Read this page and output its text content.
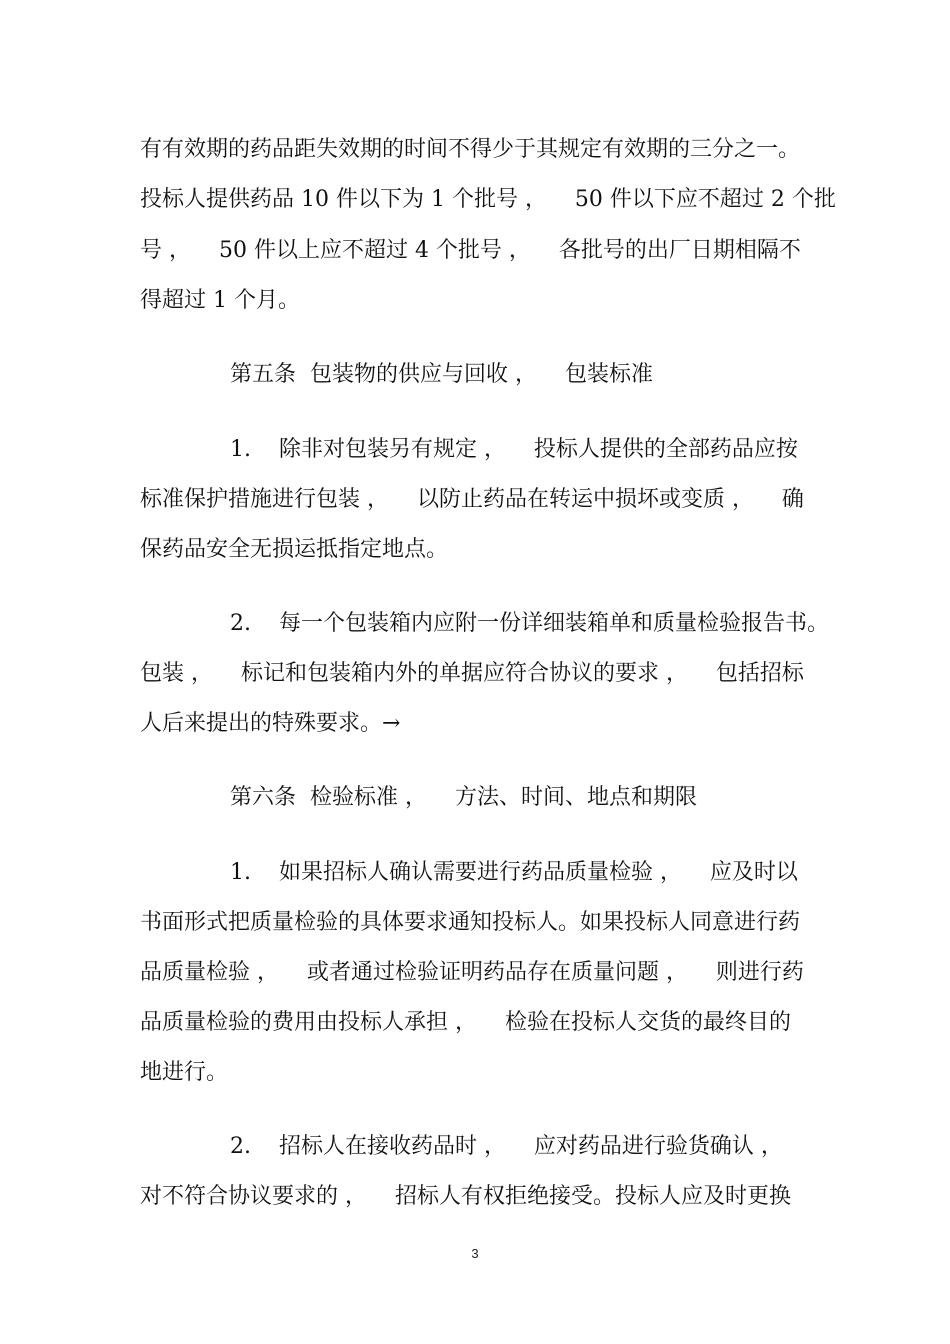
有有效期的药品距失效期的时间不得少于其规定有效期的三分之一。
投标人提供药品 10 件以下为 1 个批号 ，    50 件以下应不超过 2 个批
号 ，    50 件以上应不超过 4 个批号 ，    各批号的出厂日期相隔不
得超过 1 个月。
第五条  包装物的供应与回收 ，    包装标准
1.    除非对包装另有规定 ，    投标人提供的全部药品应按
标准保护措施进行包装 ，    以防止药品在转运中损坏或变质 ，    确
保药品安全无损运抵指定地点。
2.    每一个包装箱内应附一份详细装箱单和质量检验报告书。
包装 ，    标记和包装箱内外的单据应符合协议的要求 ，    包括招标
人后来提出的特殊要求。→
第六条  检验标准 ，    方法、时间、地点和期限
1.    如果招标人确认需要进行药品质量检验 ，    应及时以
书面形式把质量检验的具体要求通知投标人。如果投标人同意进行药
品质量检验 ，    或者通过检验证明药品存在质量问题 ，    则进行药
品质量检验的费用由投标人承担 ，    检验在投标人交货的最终目的
地进行。
2.    招标人在接收药品时 ，    应对药品进行验货确认 ，
对不符合协议要求的 ，    招标人有权拒绝接受。投标人应及时更换
3
